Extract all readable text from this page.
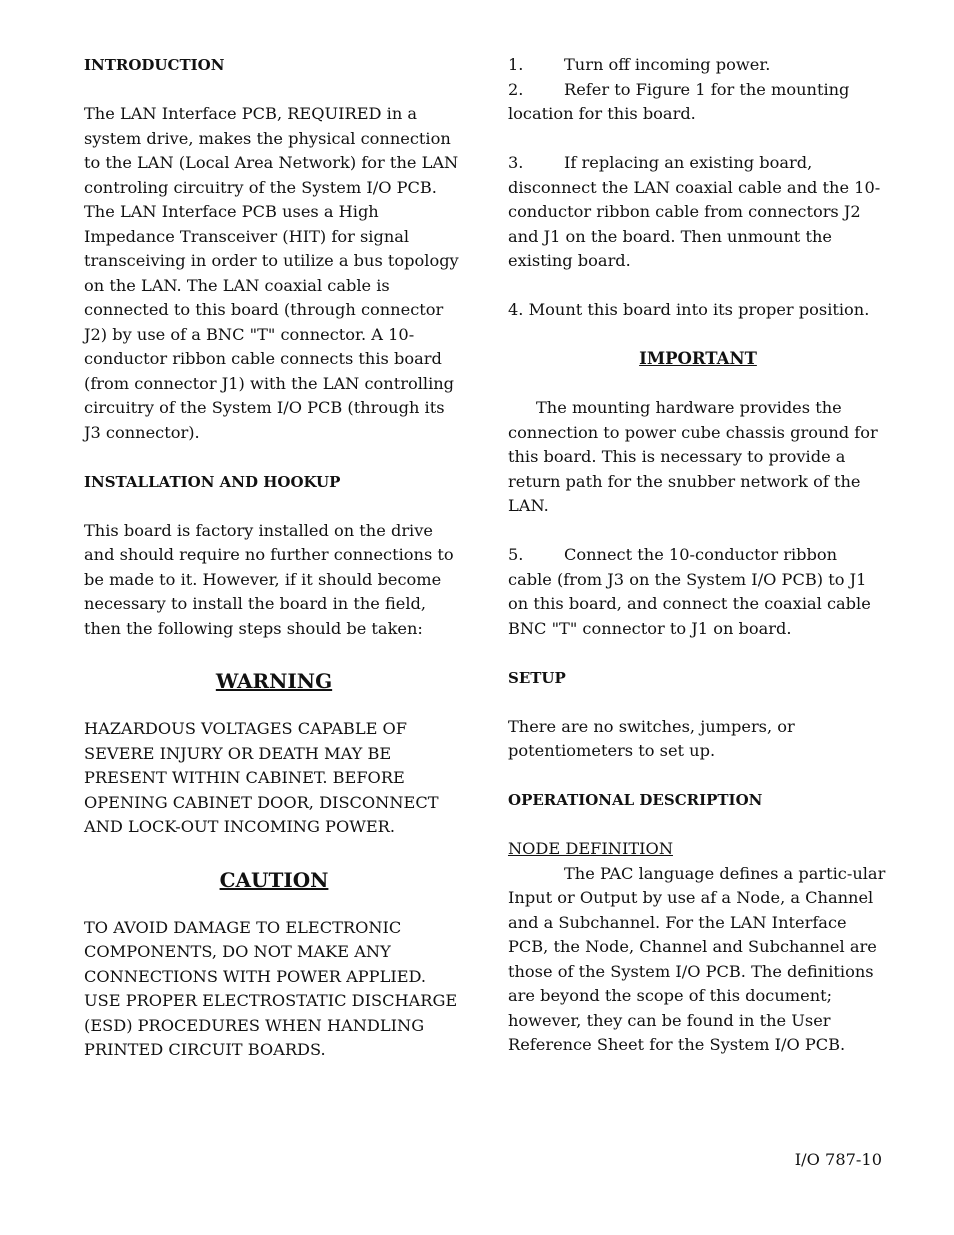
INTRODUCTION

The LAN Interface PCB, REQUIRED in a system drive, makes the physical connection to the LAN (Local Area Network) for the LAN controling circuitry of the System I/O PCB. The LAN Interface PCB uses a High Impedance Transceiver (HIT) for signal transceiving in order to utilize a bus topology on the LAN. The LAN coaxial cable is connected to this board (through connector J2) by use of a BNC "T" connector. A 10-conductor ribbon cable connects this board (from connector J1) with the LAN controlling circuitry of the System I/O PCB (through its J3 connector).

INSTALLATION AND HOOKUP

This board is factory installed on the drive and should require no further connections to be made to it. However, if it should become necessary to install the board in the field, then the following steps should be taken:

WARNING

HAZARDOUS VOLTAGES CAPABLE OF SEVERE INJURY OR DEATH MAY BE PRESENT WITHIN CABINET. BEFORE OPENING CABINET DOOR, DISCONNECT AND LOCK-OUT INCOMING POWER.

CAUTION

TO AVOID DAMAGE TO ELECTRONIC COMPONENTS, DO NOT MAKE ANY CONNECTIONS WITH POWER APPLIED. USE PROPER ELECTROSTATIC DISCHARGE (ESD) PROCEDURES WHEN HANDLING PRINTED CIRCUIT BOARDS.

1.	Turn off incoming power.
2.	Refer to Figure 1 for the mounting

location for this board.

3.	If replacing an existing board,

disconnect the LAN coaxial cable and the 10-conductor ribbon cable from connectors J2 and J1 on the board. Then unmount the existing board.

4. Mount this board into its proper position.

IMPORTANT

The mounting hardware provides the connection to power cube chassis ground for this board. This is necessary to provide a return path for the snubber network of the LAN.

5.	Connect the 10-conductor ribbon

cable (from J3 on the System I/O PCB) to J1 on this board, and connect the coaxial cable BNC "T" connector to J1 on board.

SETUP

There are no switches, jumpers, or potentiometers to set up.

OPERATIONAL DESCRIPTION

NODE DEFINITION

The PAC language defines a partic-ular Input or Output by use af a Node, a Channel and a Subchannel. For the LAN Interface PCB, the Node, Channel and Subchannel are those of the System I/O PCB. The definitions are beyond the scope of this document; however, they can be found in the User Reference Sheet for the System I/O PCB.

I/O 787-10
